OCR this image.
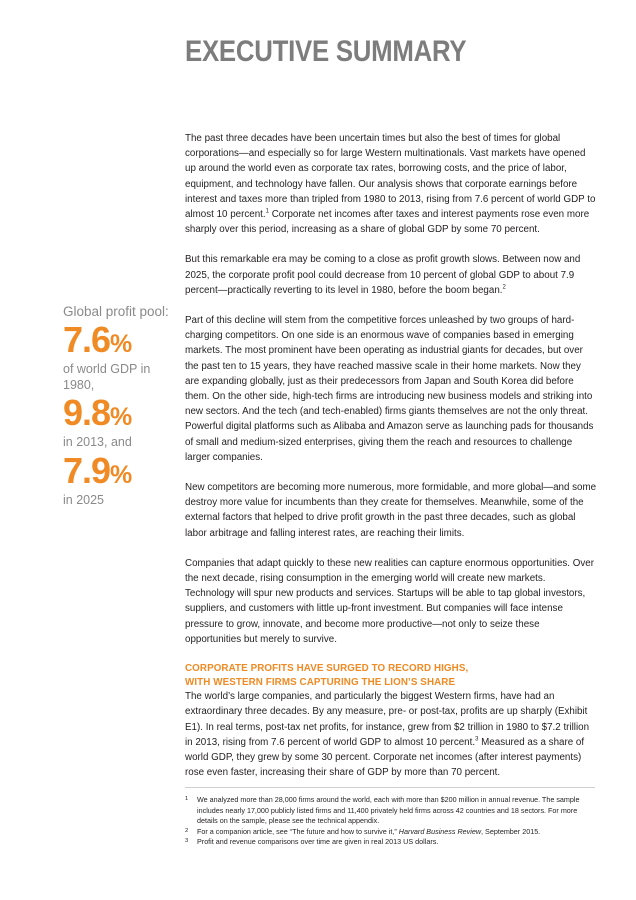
EXECUTIVE SUMMARY
Global profit pool:
7.6%
of world GDP in 1980,
9.8%
in 2013, and
7.9%
in 2025

The past three decades have been uncertain times but also the best of times for global corporations—and especially so for large Western multinationals. Vast markets have opened up around the world even as corporate tax rates, borrowing costs, and the price of labor, equipment, and technology have fallen. Our analysis shows that corporate earnings before interest and taxes more than tripled from 1980 to 2013, rising from 7.6 percent of world GDP to almost 10 percent.$^1$ Corporate net incomes after taxes and interest payments rose even more sharply over this period, increasing as a share of global GDP by some 70 percent.

But this remarkable era may be coming to a close as profit growth slows. Between now and 2025, the corporate profit pool could decrease from 10 percent of global GDP to about 7.9 percent—practically reverting to its level in 1980, before the boom began.$^2$

Part of this decline will stem from the competitive forces unleashed by two groups of hard-charging competitors. On one side is an enormous wave of companies based in emerging markets. The most prominent have been operating as industrial giants for decades, but over the past ten to 15 years, they have reached massive scale in their home markets. Now they are expanding globally, just as their predecessors from Japan and South Korea did before them. On the other side, high-tech firms are introducing new business models and striking into new sectors. And the tech (and tech-enabled) firms giants themselves are not the only threat. Powerful digital platforms such as Alibaba and Amazon serve as launching pads for thousands of small and medium-sized enterprises, giving them the reach and resources to challenge larger companies.

New competitors are becoming more numerous, more formidable, and more global—and some destroy more value for incumbents than they create for themselves. Meanwhile, some of the external factors that helped to drive profit growth in the past three decades, such as global labor arbitrage and falling interest rates, are reaching their limits.

Companies that adapt quickly to these new realities can capture enormous opportunities. Over the next decade, rising consumption in the emerging world will create new markets. Technology will spur new products and services. Startups will be able to tap global investors, suppliers, and customers with little up-front investment. But companies will face intense pressure to grow, innovate, and become more productive—not only to seize these opportunities but merely to survive.

CORPORATE PROFITS HAVE SURGED TO RECORD HIGHS,
WITH WESTERN FIRMS CAPTURING THE LION’S SHARE

The world’s large companies, and particularly the biggest Western firms, have had an extraordinary three decades. By any measure, pre- or post-tax, profits are up sharply (Exhibit E1). In real terms, post-tax net profits, for instance, grew from $2 trillion in 1980 to $7.2 trillion in 2013, rising from 7.6 percent of world GDP to almost 10 percent.$^3$ Measured as a share of world GDP, they grew by some 30 percent. Corporate net incomes (after interest payments) rose even faster, increasing their share of GDP by more than 70 percent.

1 We analyzed more than 28,000 firms around the world, each with more than $200 million in annual revenue. The sample includes nearly 17,000 publicly listed firms and 11,400 privately held firms across 42 countries and 18 sectors. For more details on the sample, please see the technical appendix.
2 For a companion article, see “The future and how to survive it,” Harvard Business Review, September 2015.
3 Profit and revenue comparisons over time are given in real 2013 US dollars.
